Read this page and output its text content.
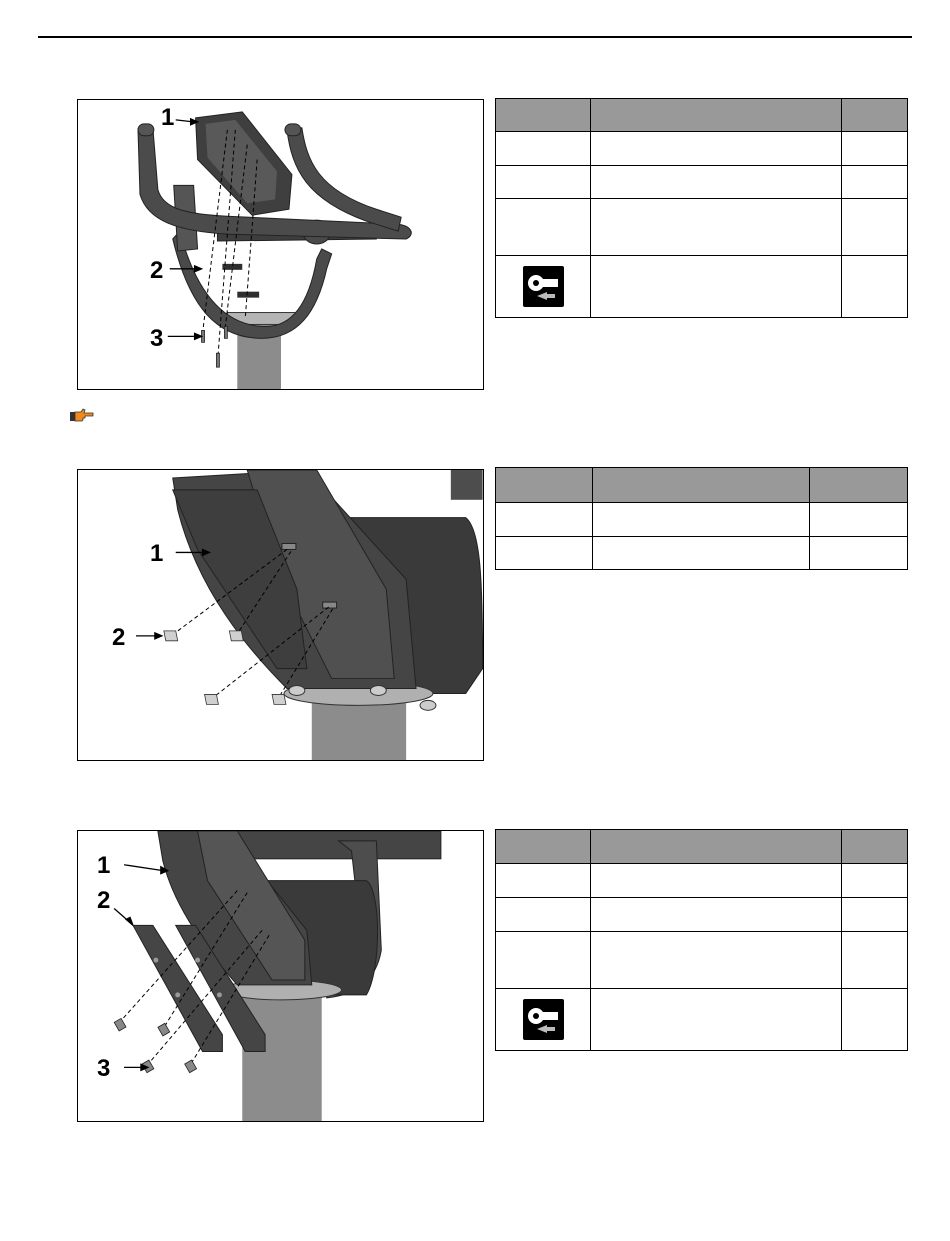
1
2
3

1
2

1
2
3
